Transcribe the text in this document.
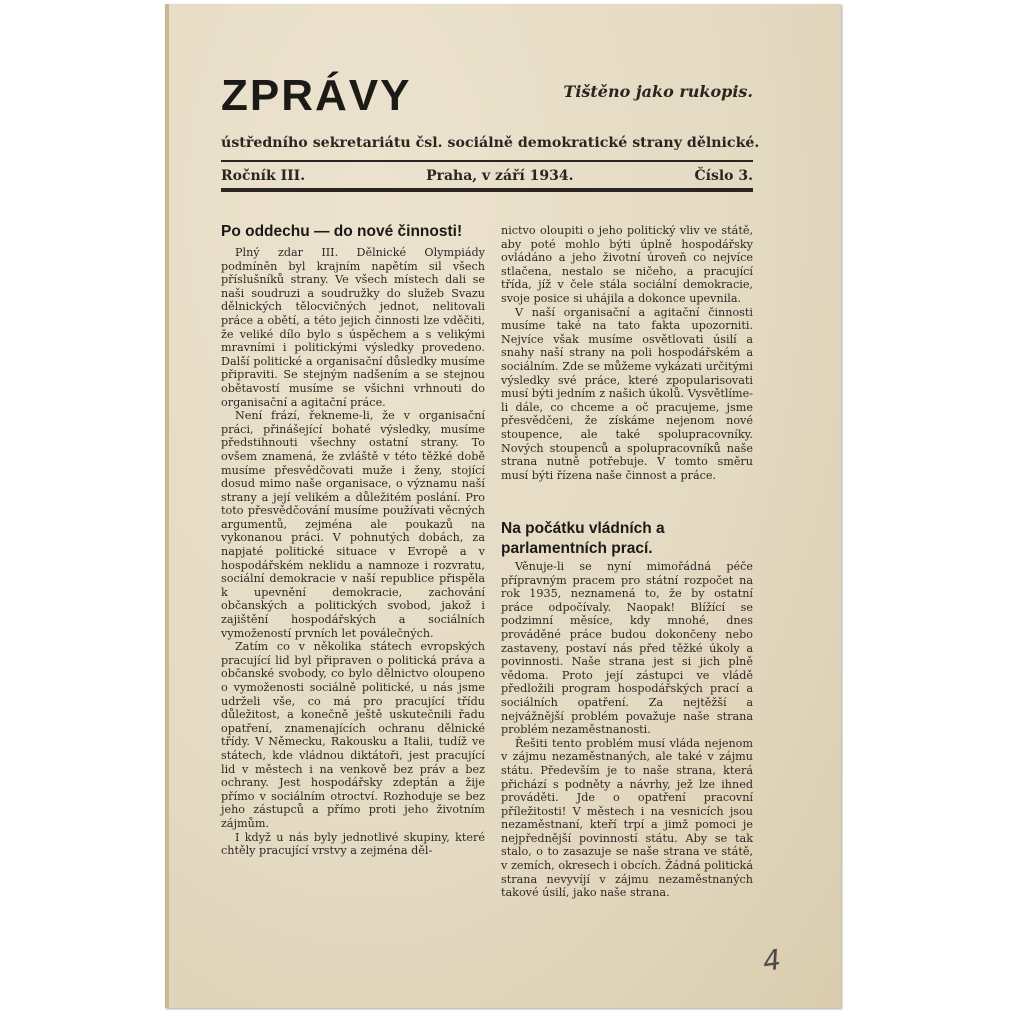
ZPRÁVY	Tištěno jako rukopis.
ústředního sekretariátu čsl. sociálně demokratické strany dělnické.
Ročník III.	Praha, v září 1934.	Číslo 3.
Po oddechu — do nové činnosti!

Plný zdar III. Dělnické Olympiády podmíněn byl krajním napětím sil všech příslušníků strany. Ve všech místech dali se naši soudruzi a soudružky do služeb Svazu dělnických tělocvičných jednot, nelitovali práce a obětí, a této jejich činnosti lze vděčiti, že veliké dílo bylo s úspěchem a s velikými mravními i politickými výsledky provedeno. Další politické a organisační důsledky musíme připraviti. Se stejným nadšením a se stejnou obětavostí musíme se všichni vrhnouti do organisační a agitační práce.

Není frází, řekneme-li, že v organisační práci, přinášející bohaté výsledky, musíme předstihnouti všechny ostatní strany. To ovšem znamená, že zvláště v této těžké době musíme přesvědčovati muže i ženy, stojící dosud mimo naše organisace, o významu naší strany a její velikém a důležitém poslání. Pro toto přesvědčování musíme používati věcných argumentů, zejména ale poukazů na vykonanou práci. V pohnutých dobách, za napjaté politické situace v Evropě a v hospodářském neklidu a namnoze i rozvratu, sociální demokracie v naší republice přispěla k upevnění demokracie, zachování občanských a politických svobod, jakož i zajištění hospodářských a sociálních vymožeností prvních let poválečných.

Zatím co v několika státech evropských pracující lid byl připraven o politická práva a občanské svobody, co bylo dělnictvo oloupeno o vymoženosti sociálně politické, u nás jsme udrželi vše, co má pro pracující třídu důležitost, a konečně ještě uskutečnili řadu opatření, znamenajících ochranu dělnické třídy. V Německu, Rakousku a Italii, tudíž ve státech, kde vládnou diktátoři, jest pracující lid v městech i na venkově bez práv a bez ochrany. Jest hospodářsky zdeptán a žije přímo v sociálním otroctví. Rozhoduje se bez jeho zástupců a přímo proti jeho životním zájmům.

I když u nás byly jednotlivé skupiny, které chtěly pracující vrstvy a zejména děl-

nictvo oloupiti o jeho politický vliv ve státě, aby poté mohlo býti úplně hospodářsky ovládáno a jeho životní úroveň co nejvíce stlačena, nestalo se ničeho, a pracující třída, jíž v čele stála sociální demokracie, svoje posice si uhájila a dokonce upevnila.

V naší organisační a agitační činnosti musíme také na tato fakta upozorniti. Nejvíce však musíme osvětlovati úsilí a snahy naší strany na poli hospodářském a sociálním. Zde se můžeme vykázati určitými výsledky své práce, které zpopularisovati musí býti jedním z našich úkolů. Vysvětlíme-li dále, co chceme a oč pracujeme, jsme přesvědčeni, že získáme nejenom nové stoupence, ale také spolupracovníky. Nových stoupenců a spolupracovníků naše strana nutně potřebuje. V tomto směru musí býti řízena naše činnost a práce.

Na počátku vládních a parlamentních prací.

Věnuje-li se nyní mimořádná péče přípravným pracem pro státní rozpočet na rok 1935, neznamená to, že by ostatní práce odpočívaly. Naopak! Blížící se podzimní měsíce, kdy mnohé, dnes prováděné práce budou dokončeny nebo zastaveny, postaví nás před těžké úkoly a povinnosti. Naše strana jest si jich plně vědoma. Proto její zástupci ve vládě předložili program hospodářských prací a sociálních opatření. Za nejtěžší a nejvážnější problém považuje naše strana problém nezaměstnanosti.

Řešiti tento problém musí vláda nejenom v zájmu nezaměstnaných, ale také v zájmu státu. Především je to naše strana, která přichází s podněty a návrhy, jež lze ihned prováděti. Jde o opatření pracovní příležitosti! V městech i na vesnicích jsou nezaměstnaní, kteří trpí a jimž pomoci je nejpřednější povinností státu. Aby se tak stalo, o to zasazuje se naše strana ve státě, v zemích, okresech i obcích. Žádná politická strana nevyvíjí v zájmu nezaměstnaných takové úsilí, jako naše strana.

4
